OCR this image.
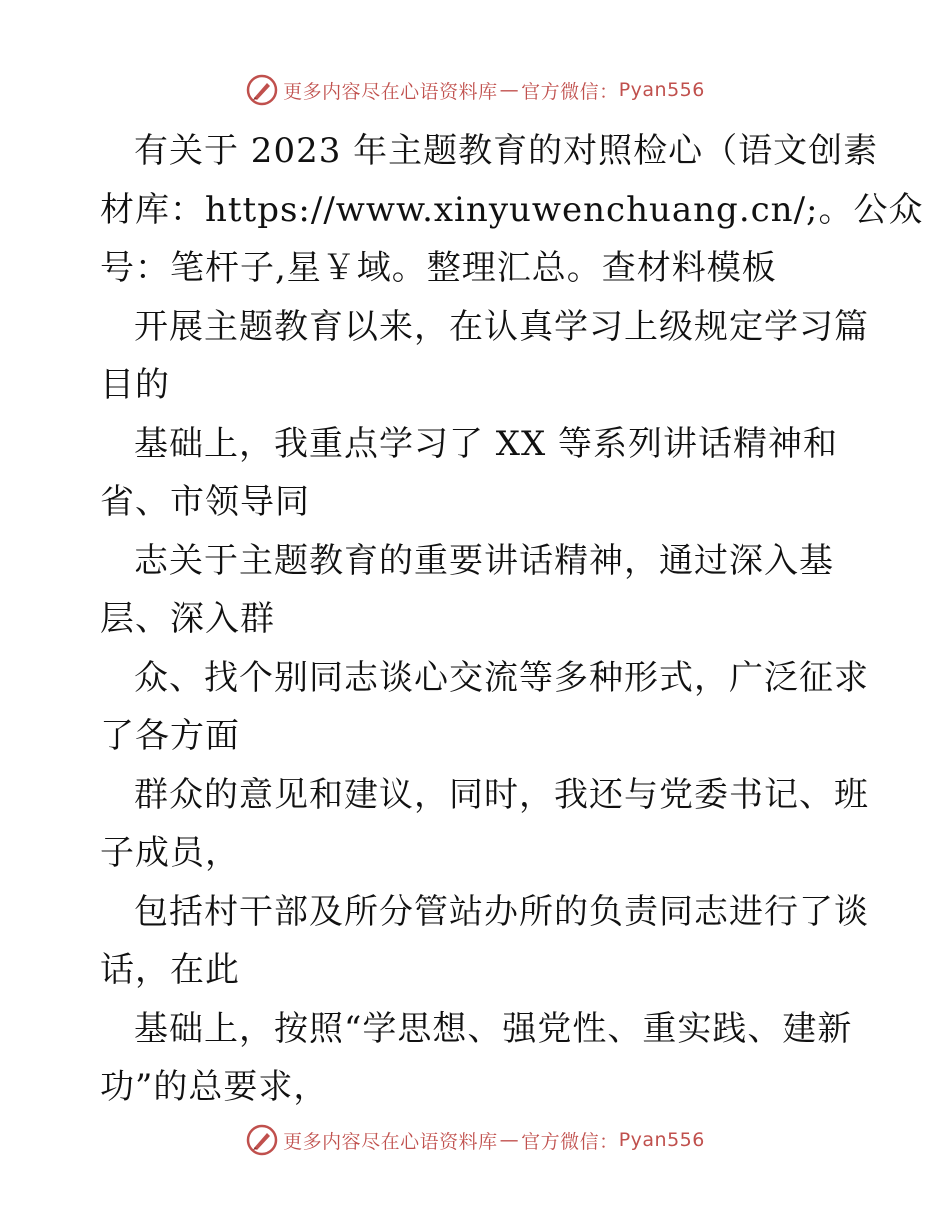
更多内容尽在心语资料库 — 官方微信： Pyan556
有关于 2023 年主题教育的对照检心（语文创素
材库：https://www.xinyuwenchuang.cn/;。公众
号：笔杆子,星￥域。整理汇总。查材料模板
开展主题教育以来，在认真学习上级规定学习篇
目的
基础上，我重点学习了 XX 等系列讲话精神和
省、市领导同
志关于主题教育的重要讲话精神，通过深入基
层、深入群
众、找个别同志谈心交流等多种形式，广泛征求
了各方面
群众的意见和建议，同时，我还与党委书记、班
子成员，
包括村干部及所分管站办所的负责同志进行了谈
话，在此
基础上，按照“学思想、强党性、重实践、建新
功”的总要求，
更多内容尽在心语资料库 — 官方微信： Pyan556
